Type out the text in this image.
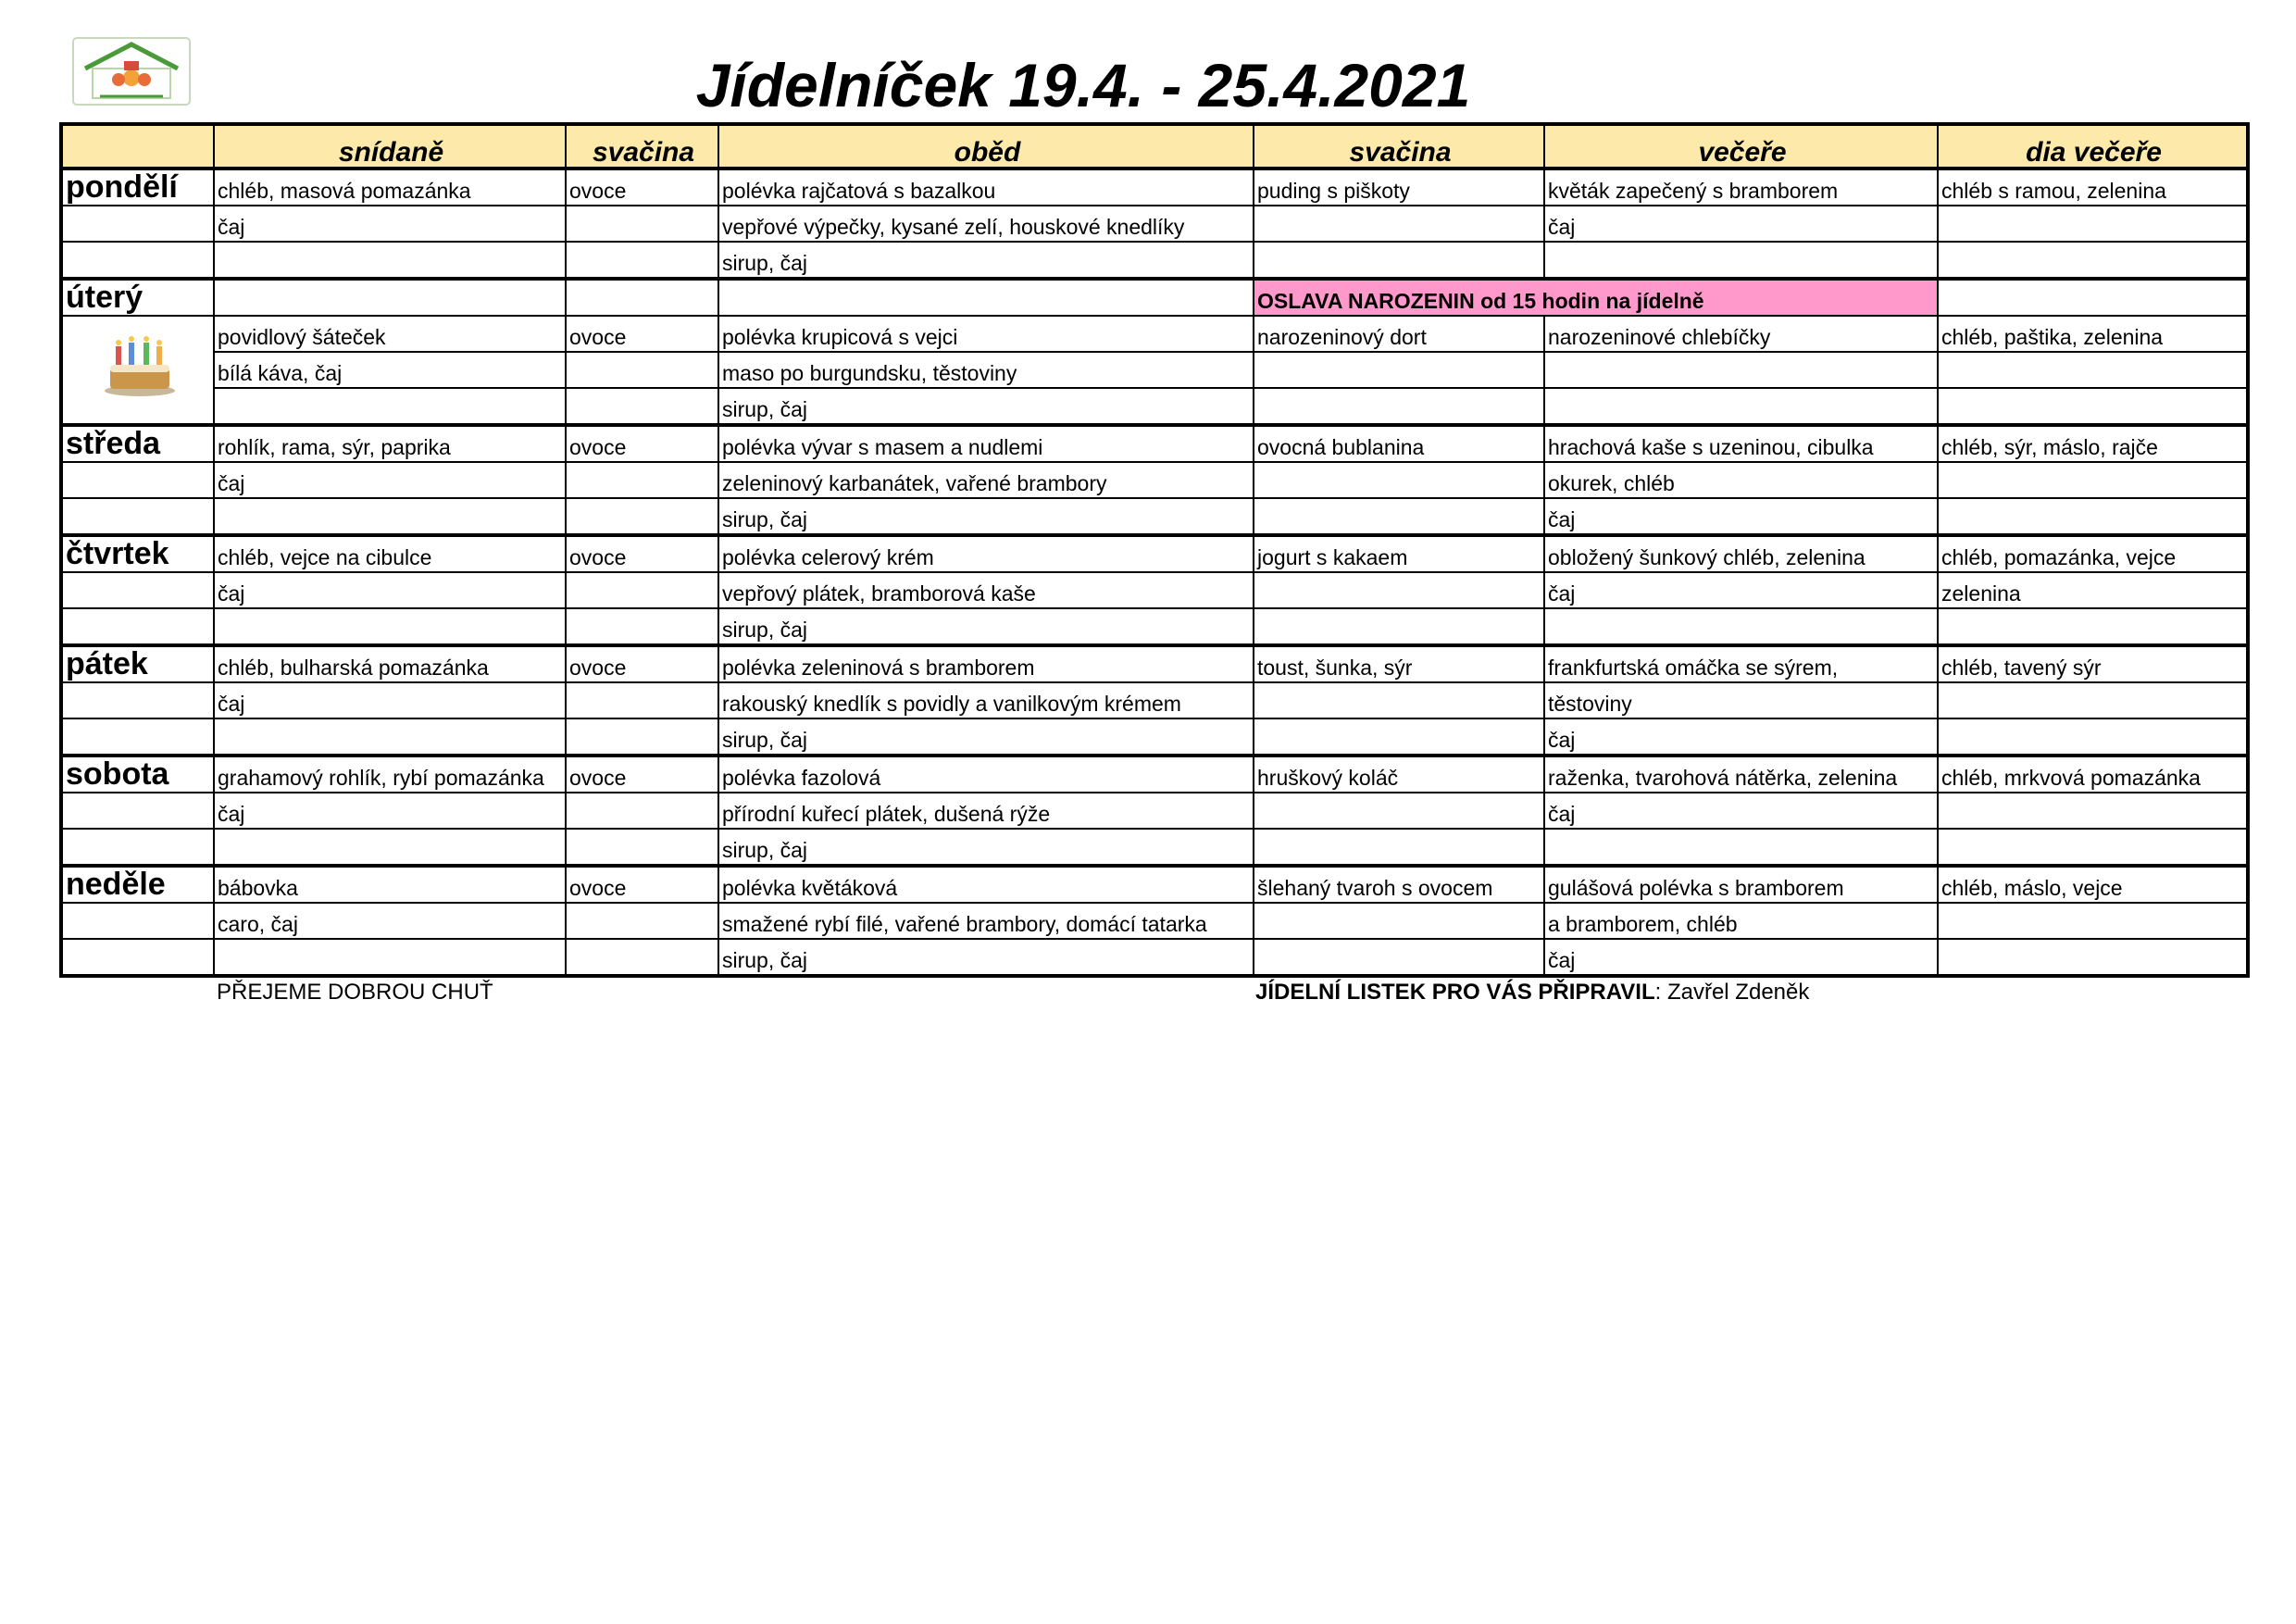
Jídelníček 19.4. - 25.4.2021
	snídaně	svačina	oběd	svačina	večeře	dia večeře

pondělí	chléb, masová pomazánka	ovoce	polévka rajčatová s bazalkou	puding s piškoty	květák zapečený s bramborem	chléb s ramou, zelenina
	čaj		vepřové výpečky, kysané zelí, houskové knedlíky		čaj	
			sirup, čaj			

úterý				OSLAVA NAROZENIN od 15 hodin na jídelně		

	povidlový šáteček	ovoce	polévka krupicová s vejci	narozeninový dort	narozeninové chlebíčky	chléb, paštika, zelenina
	bílá káva, čaj		maso po burgundsku, těstoviny			
			sirup, čaj			

středa	rohlík, rama, sýr, paprika	ovoce	polévka vývar s masem a nudlemi	ovocná bublanina	hrachová kaše s uzeninou, cibulka	chléb, sýr, máslo, rajče
	čaj		zeleninový karbanátek, vařené brambory		okurek, chléb	
			sirup, čaj		čaj	

čtvrtek	chléb, vejce na cibulce	ovoce	polévka celerový krém	jogurt s kakaem	obložený šunkový chléb, zelenina	chléb, pomazánka, vejce
	čaj		vepřový plátek, bramborová kaše		čaj	zelenina
			sirup, čaj			

pátek	chléb, bulharská pomazánka	ovoce	polévka zeleninová s bramborem	toust, šunka, sýr	frankfurtská omáčka se sýrem,	chléb, tavený sýr
	čaj		rakouský knedlík s povidly a vanilkovým krémem		těstoviny	
			sirup, čaj		čaj	

sobota	grahamový rohlík, rybí pomazánka	ovoce	polévka fazolová	hruškový koláč	raženka, tvarohová nátěrka, zelenina	chléb, mrkvová pomazánka
	čaj		přírodní kuřecí plátek, dušená rýže		čaj	
			sirup, čaj			

neděle	bábovka	ovoce	polévka květáková	šlehaný tvaroh s ovocem	gulášová polévka s bramborem	chléb, máslo, vejce
	caro, čaj		smažené rybí filé, vařené brambory, domácí tatarka		a bramborem, chléb	
			sirup, čaj		čaj	
PŘEJEME DOBROU CHUŤ	JÍDELNÍ LISTEK PRO VÁS PŘIPRAVIL: Zavřel Zdeněk
